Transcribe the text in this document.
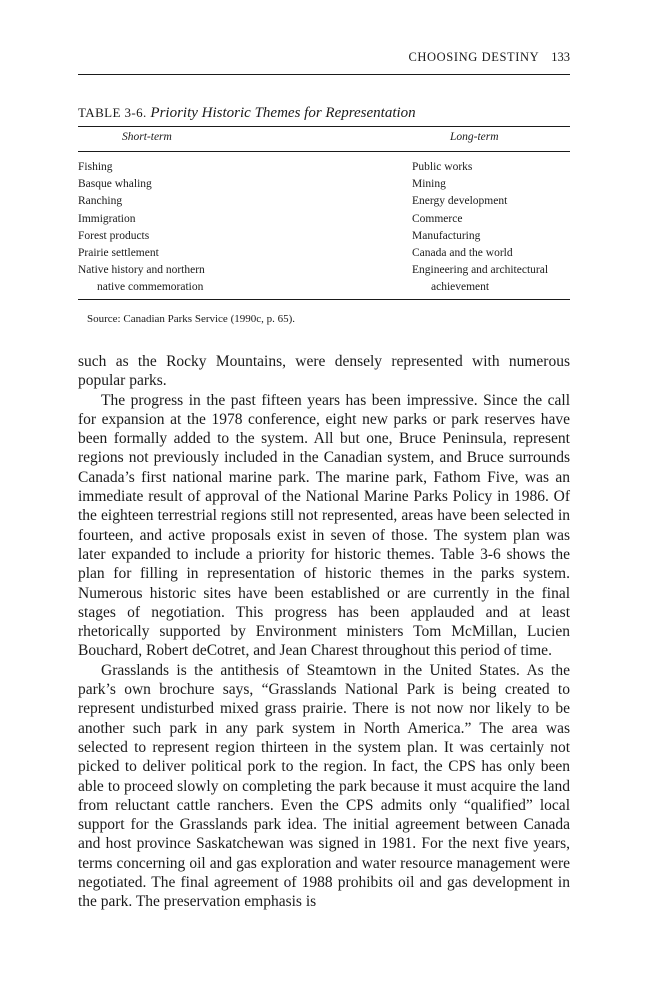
CHOOSING DESTINY 133
TABLE 3-6. Priority Historic Themes for Representation
Short-term	Long-term
Fishing
Basque whaling
Ranching
Immigration
Forest products
Prairie settlement
Native history and northern
native commemoration
Public works
Mining
Energy development
Commerce
Manufacturing
Canada and the world
Engineering and architectural
achievement
Source: Canadian Parks Service (1990c, p. 65).

such as the Rocky Mountains, were densely represented with numerous popular parks.

The progress in the past fifteen years has been impressive. Since the call for expansion at the 1978 conference, eight new parks or park reserves have been formally added to the system. All but one, Bruce Peninsula, represent regions not previously included in the Canadian system, and Bruce surrounds Canada’s first national marine park. The marine park, Fathom Five, was an immediate result of approval of the National Marine Parks Policy in 1986. Of the eighteen terrestrial regions still not represented, areas have been selected in fourteen, and active proposals exist in seven of those. The system plan was later expanded to include a priority for historic themes. Table 3-6 shows the plan for filling in representation of historic themes in the parks system. Numerous historic sites have been established or are currently in the final stages of negotiation. This progress has been applauded and at least rhetorically supported by Environment ministers Tom McMillan, Lucien Bouchard, Robert deCotret, and Jean Charest throughout this period of time.

Grasslands is the antithesis of Steamtown in the United States. As the park’s own brochure says, “Grasslands National Park is being created to represent undisturbed mixed grass prairie. There is not now nor likely to be another such park in any park system in North America.” The area was selected to represent region thirteen in the system plan. It was certainly not picked to deliver political pork to the region. In fact, the CPS has only been able to proceed slowly on completing the park because it must acquire the land from reluctant cattle ranchers. Even the CPS admits only “qualified” local support for the Grasslands park idea. The initial agreement between Canada and host province Saskatchewan was signed in 1981. For the next five years, terms concerning oil and gas exploration and water resource management were negotiated. The final agreement of 1988 prohibits oil and gas development in the park. The preservation emphasis is
